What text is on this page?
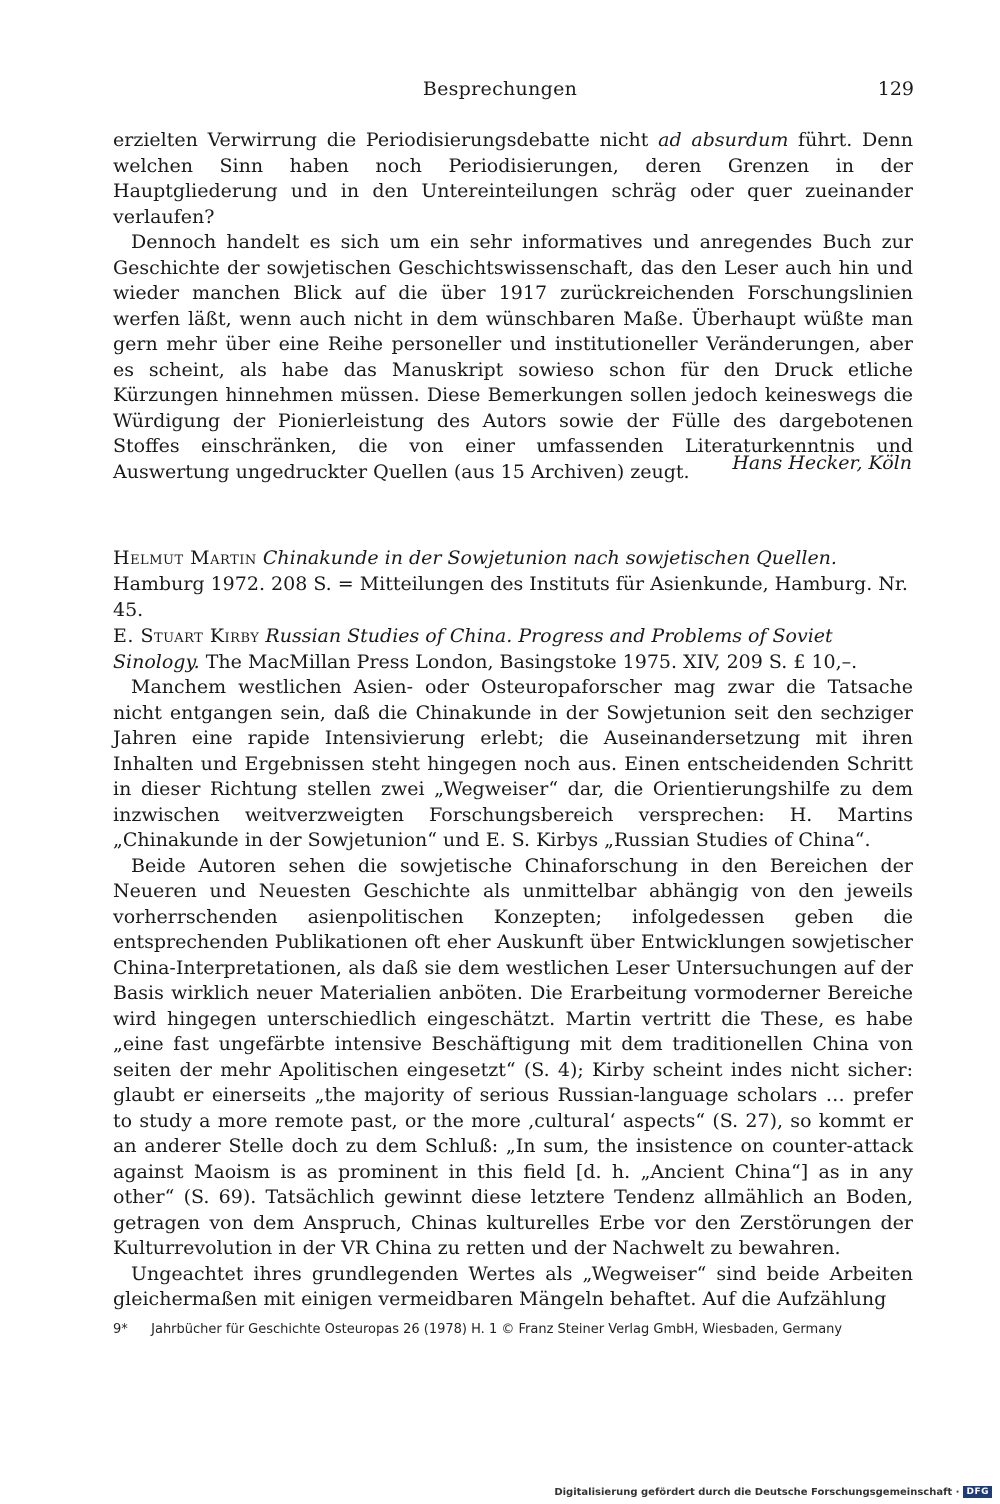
Besprechungen	129

erzielten Verwirrung die Periodisierungsdebatte nicht ad absurdum führt. Denn welchen Sinn haben noch Periodisierungen, deren Grenzen in der Hauptgliederung und in den Untereinteilungen schräg oder quer zueinander verlaufen?

Dennoch handelt es sich um ein sehr informatives und anregendes Buch zur Geschichte der sowjetischen Geschichtswissenschaft, das den Leser auch hin und wieder manchen Blick auf die über 1917 zurückreichenden Forschungslinien werfen läßt, wenn auch nicht in dem wünschbaren Maße. Überhaupt wüßte man gern mehr über eine Reihe personeller und institutioneller Veränderungen, aber es scheint, als habe das Manuskript sowieso schon für den Druck etliche Kürzungen hinnehmen müssen. Diese Bemerkungen sollen jedoch keineswegs die Würdigung der Pionierleistung des Autors sowie der Fülle des dargebotenen Stoffes einschränken, die von einer umfassenden Literaturkenntnis und Auswertung ungedruckter Quellen (aus 15 Archiven) zeugt.	Hans Hecker, Köln

Helmut Martin Chinakunde in der Sowjetunion nach sowjetischen Quellen. Hamburg 1972. 208 S. = Mitteilungen des Instituts für Asienkunde, Hamburg. Nr. 45.

E. Stuart Kirby Russian Studies of China. Progress and Problems of Soviet Sinology. The MacMillan Press London, Basingstoke 1975. XIV, 209 S. £ 10,–.

Manchem westlichen Asien- oder Osteuropaforscher mag zwar die Tatsache nicht entgangen sein, daß die Chinakunde in der Sowjetunion seit den sechziger Jahren eine rapide Intensivierung erlebt; die Auseinandersetzung mit ihren Inhalten und Ergebnissen steht hingegen noch aus. Einen entscheidenden Schritt in dieser Richtung stellen zwei „Wegweiser“ dar, die Orientierungshilfe zu dem inzwischen weitverzweigten Forschungsbereich versprechen: H. Martins „Chinakunde in der Sowjetunion“ und E. S. Kirbys „Russian Studies of China“.

Beide Autoren sehen die sowjetische Chinaforschung in den Bereichen der Neueren und Neuesten Geschichte als unmittelbar abhängig von den jeweils vorherrschenden asienpolitischen Konzepten; infolgedessen geben die entsprechenden Publikationen oft eher Auskunft über Entwicklungen sowjetischer China-Interpretationen, als daß sie dem westlichen Leser Untersuchungen auf der Basis wirklich neuer Materialien anböten. Die Erarbeitung vormoderner Bereiche wird hingegen unterschiedlich eingeschätzt. Martin vertritt die These, es habe „eine fast ungefärbte intensive Beschäftigung mit dem traditionellen China von seiten der mehr Apolitischen eingesetzt“ (S. 4); Kirby scheint indes nicht sicher: glaubt er einerseits „the majority of serious Russian-language scholars … prefer to study a more remote past, or the more ‚cultural‘ aspects“ (S. 27), so kommt er an anderer Stelle doch zu dem Schluß: „In sum, the insistence on counter-attack against Maoism is as prominent in this field [d. h. „Ancient China“] as in any other“ (S. 69). Tatsächlich gewinnt diese letztere Tendenz allmählich an Boden, getragen von dem Anspruch, Chinas kulturelles Erbe vor den Zerstörungen der Kulturrevolution in der VR China zu retten und der Nachwelt zu bewahren.

Ungeachtet ihres grundlegenden Wertes als „Wegweiser“ sind beide Arbeiten gleichermaßen mit einigen vermeidbaren Mängeln behaftet. Auf die Aufzählung

9* Jahrbücher für Geschichte Osteuropas 26 (1978) H. 1 © Franz Steiner Verlag GmbH, Wiesbaden, Germany
Digitalisierung gefördert durch die Deutsche Forschungsgemeinschaft · DFG
